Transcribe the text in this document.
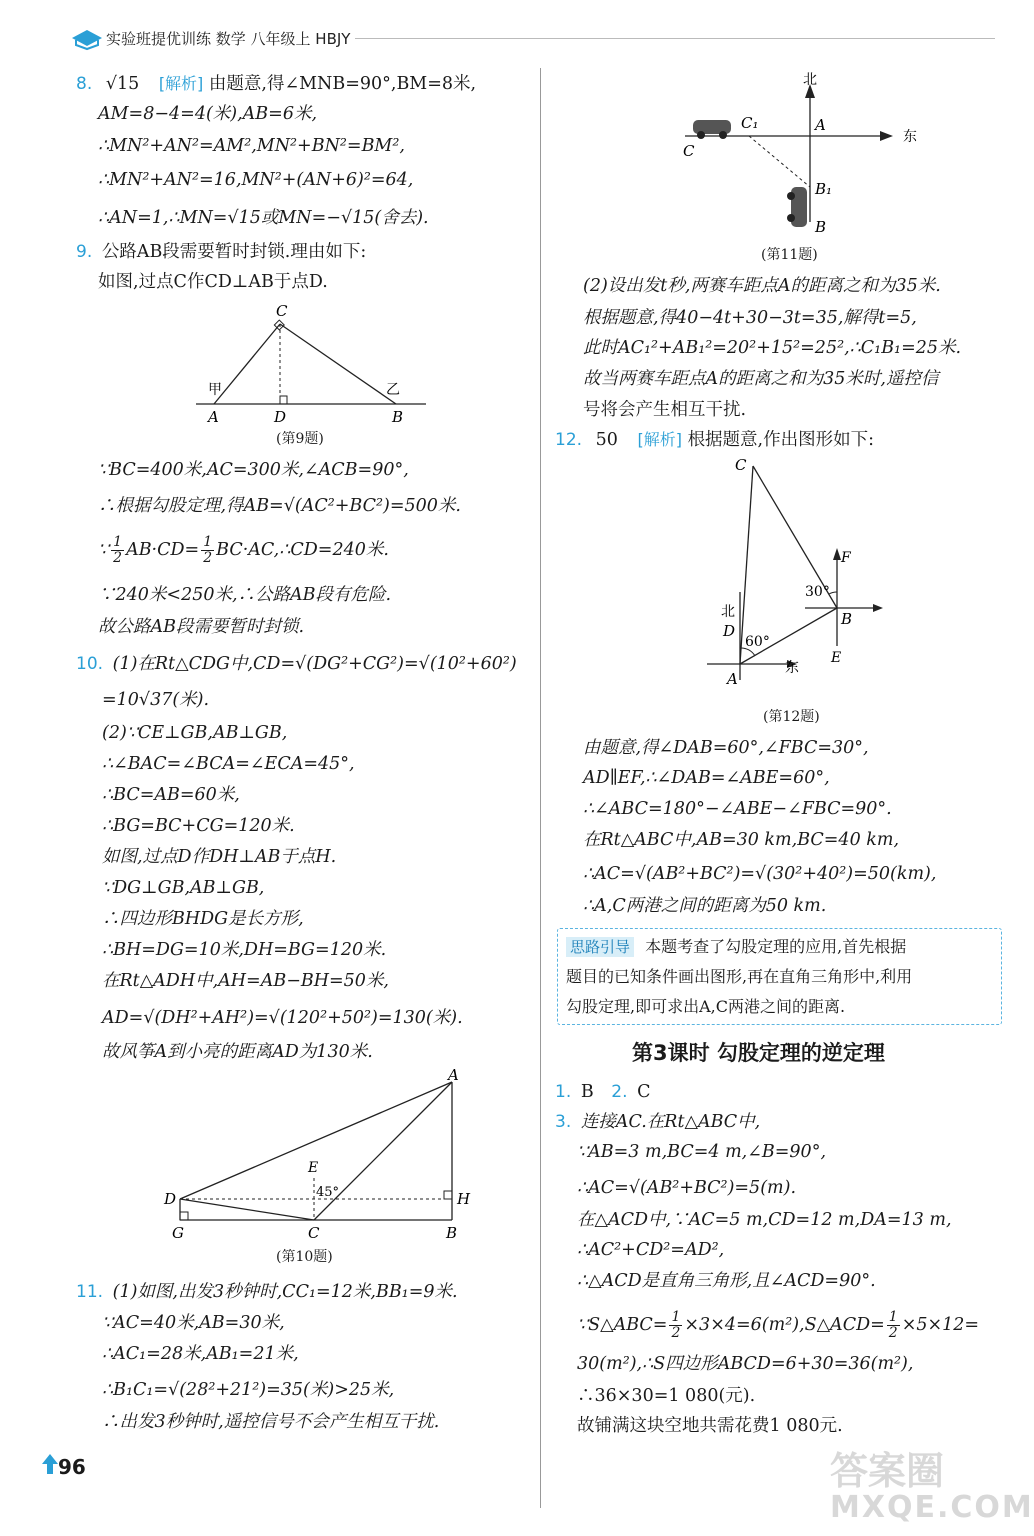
实验班提优训练 数学 八年级上 HBJY
8. √15 [解析] 由题意,得∠MNB=90°,BM=8米,
AM=8−4=4(米),AB=6米,
∴MN²+AN²=AM²,MN²+BN²=BM²,
∴MN²+AN²=16,MN²+(AN+6)²=64,
∴AN=1,∴MN=√15或MN=−√15(舍去).
9. 公路AB段需要暂时封锁.理由如下:
如图,过点C作CD⊥AB于点D.
C
A	D	B
甲	乙
(第9题)
∵BC=400米,AC=300米,∠ACB=90°,
∴根据勾股定理,得AB=√(AC²+BC²)=500米.
∵ $\frac{1}{2} AB\cdot CD= \frac{1}{2}$ BC·AC,∴CD=240米.
∵240米<250米,∴公路AB段有危险.
故公路AB段需要暂时封锁.
10. (1)在Rt△CDG中,CD=√(DG²+CG²)=√(10²+60²)
=10√37(米).
(2)∵CE⊥GB,AB⊥GB,
∴∠BAC=∠BCA=∠ECA=45°,
∴BC=AB=60米,
∴BG=BC+CG=120米.
如图,过点D作DH⊥AB于点H.
∵DG⊥GB,AB⊥GB,
∴四边形BHDG是长方形,
∴BH=DG=10米,DH=BG=120米.
在Rt△ADH中,AH=AB−BH=50米,
AD=√(DH²+AH²)=√(120²+50²)=130(米).
故风筝A到小亮的距离AD为130米.
A
E
45°
D	H
G	C	B
(第10题)
11. (1)如图,出发3秒钟时,CC₁=12米,BB₁=9米.
∵AC=40米,AB=30米,
∴AC₁=28米,AB₁=21米,
∴B₁C₁=√(28²+21²)=35(米)>25米,
∴出发3秒钟时,遥控信号不会产生相互干扰.
北
东
A
C
C₁
B₁
B
(第11题)
(2)设出发t秒,两赛车距点A的距离之和为35米.
根据题意,得40−4t+30−3t=35,解得t=5,
此时AC₁²+AB₁²=20²+15²=25²,∴C₁B₁=25米.
故当两赛车距点A的距离之和为35米时,遥控信
号将会产生相互干扰.
12. 50 [解析] 根据题意,作出图形如下:
C
F
30°
B
北
D
60°
E
东
A
(第12题)
由题意,得∠DAB=60°,∠FBC=30°,
AD∥EF,∴∠DAB=∠ABE=60°,
∴∠ABC=180°−∠ABE−∠FBC=90°.
在Rt△ABC中,AB=30 km,BC=40 km,
∴AC=√(AB²+BC²)=√(30²+40²)=50(km),
∴A,C两港之间的距离为50 km.
思路引导 本题考查了勾股定理的应用,首先根据
题目的已知条件画出图形,再在直角三角形中,利用
勾股定理,即可求出A,C两港之间的距离.
第3课时 勾股定理的逆定理
1. B 2. C
3. 连接AC.在Rt△ABC中,
∵AB=3 m,BC=4 m,∠B=90°,
∴AC=√(AB²+BC²)=5(m).
在△ACD中,∵AC=5 m,CD=12 m,DA=13 m,
∴AC²+CD²=AD²,
∴△ACD是直角三角形,且∠ACD=90°.
∵S△ABC= $\frac{1}{2}$ ×3×4=6(m²),S△ACD= $\frac{1}{2} \times 5\times 12=$
30(m²),∴S四边形ABCD=6+30=36(m²),
∴36×30=1 080(元).
故铺满这块空地共需花费1 080元.
96	答案圈
MXQE.COM
